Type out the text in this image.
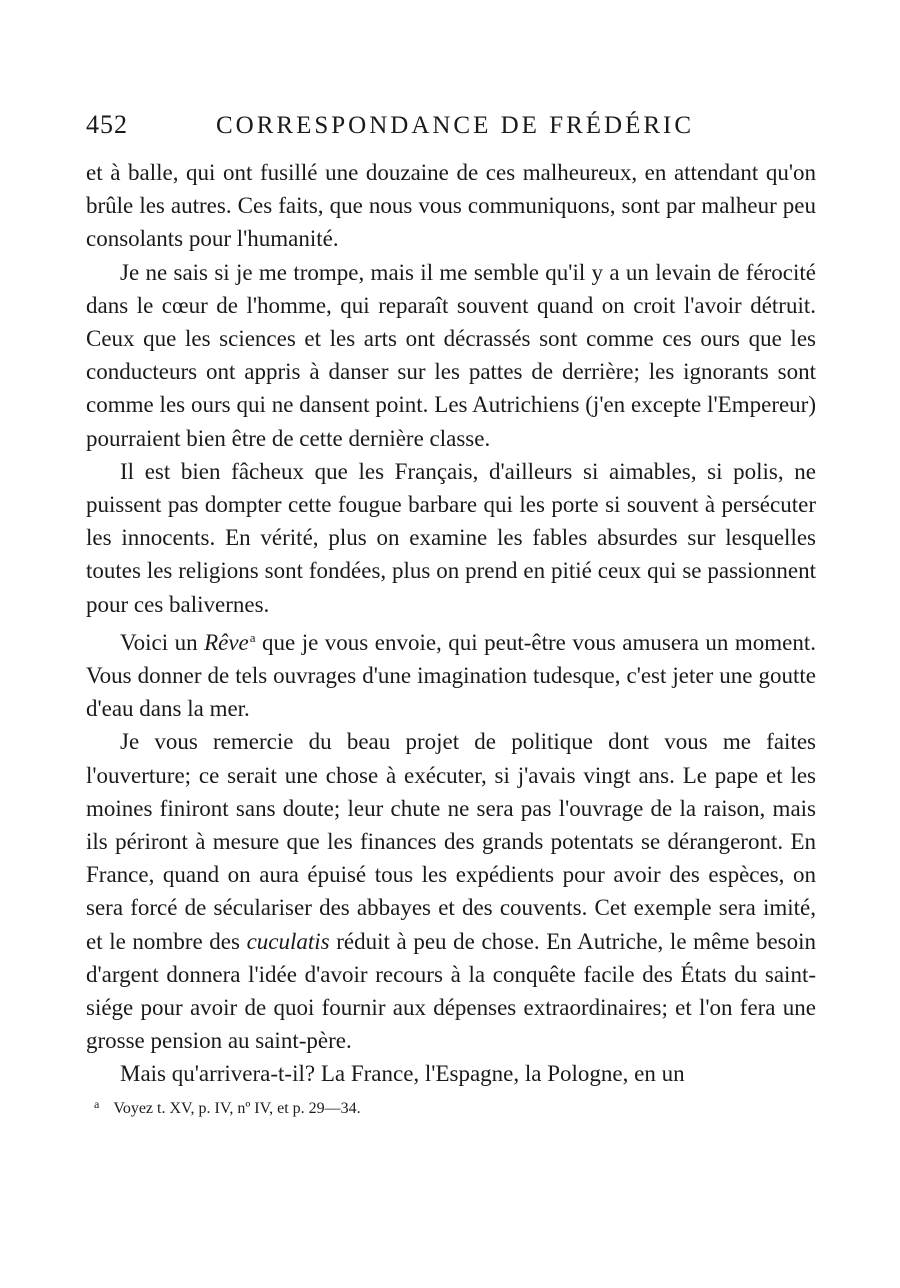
452	CORRESPONDANCE DE FRÉDÉRIC

et à balle, qui ont fusillé une douzaine de ces malheureux, en attendant qu'on brûle les autres. Ces faits, que nous vous communiquons, sont par malheur peu consolants pour l'humanité.

Je ne sais si je me trompe, mais il me semble qu'il y a un levain de férocité dans le cœur de l'homme, qui reparaît souvent quand on croit l'avoir détruit. Ceux que les sciences et les arts ont décrassés sont comme ces ours que les conducteurs ont appris à danser sur les pattes de derrière; les ignorants sont comme les ours qui ne dansent point. Les Autrichiens (j'en excepte l'Empereur) pourraient bien être de cette dernière classe.

Il est bien fâcheux que les Français, d'ailleurs si aimables, si polis, ne puissent pas dompter cette fougue barbare qui les porte si souvent à persécuter les innocents. En vérité, plus on examine les fables absurdes sur lesquelles toutes les religions sont fondées, plus on prend en pitié ceux qui se passionnent pour ces balivernes.

Voici un Rêve$^a$ que je vous envoie, qui peut-être vous amusera un moment. Vous donner de tels ouvrages d'une imagination tudesque, c'est jeter une goutte d'eau dans la mer.

Je vous remercie du beau projet de politique dont vous me faites l'ouverture; ce serait une chose à exécuter, si j'avais vingt ans. Le pape et les moines finiront sans doute; leur chute ne sera pas l'ouvrage de la raison, mais ils périront à mesure que les finances des grands potentats se dérangeront. En France, quand on aura épuisé tous les expédients pour avoir des espèces, on sera forcé de séculariser des abbayes et des couvents. Cet exemple sera imité, et le nombre des cuculatis réduit à peu de chose. En Autriche, le même besoin d'argent donnera l'idée d'avoir recours à la conquête facile des États du saint-siége pour avoir de quoi fournir aux dépenses extraordinaires; et l'on fera une grosse pension au saint-père.

Mais qu'arrivera-t-il? La France, l'Espagne, la Pologne, en un

$^a$ Voyez t. XV, p. IV, nº IV, et p. 29—34.
